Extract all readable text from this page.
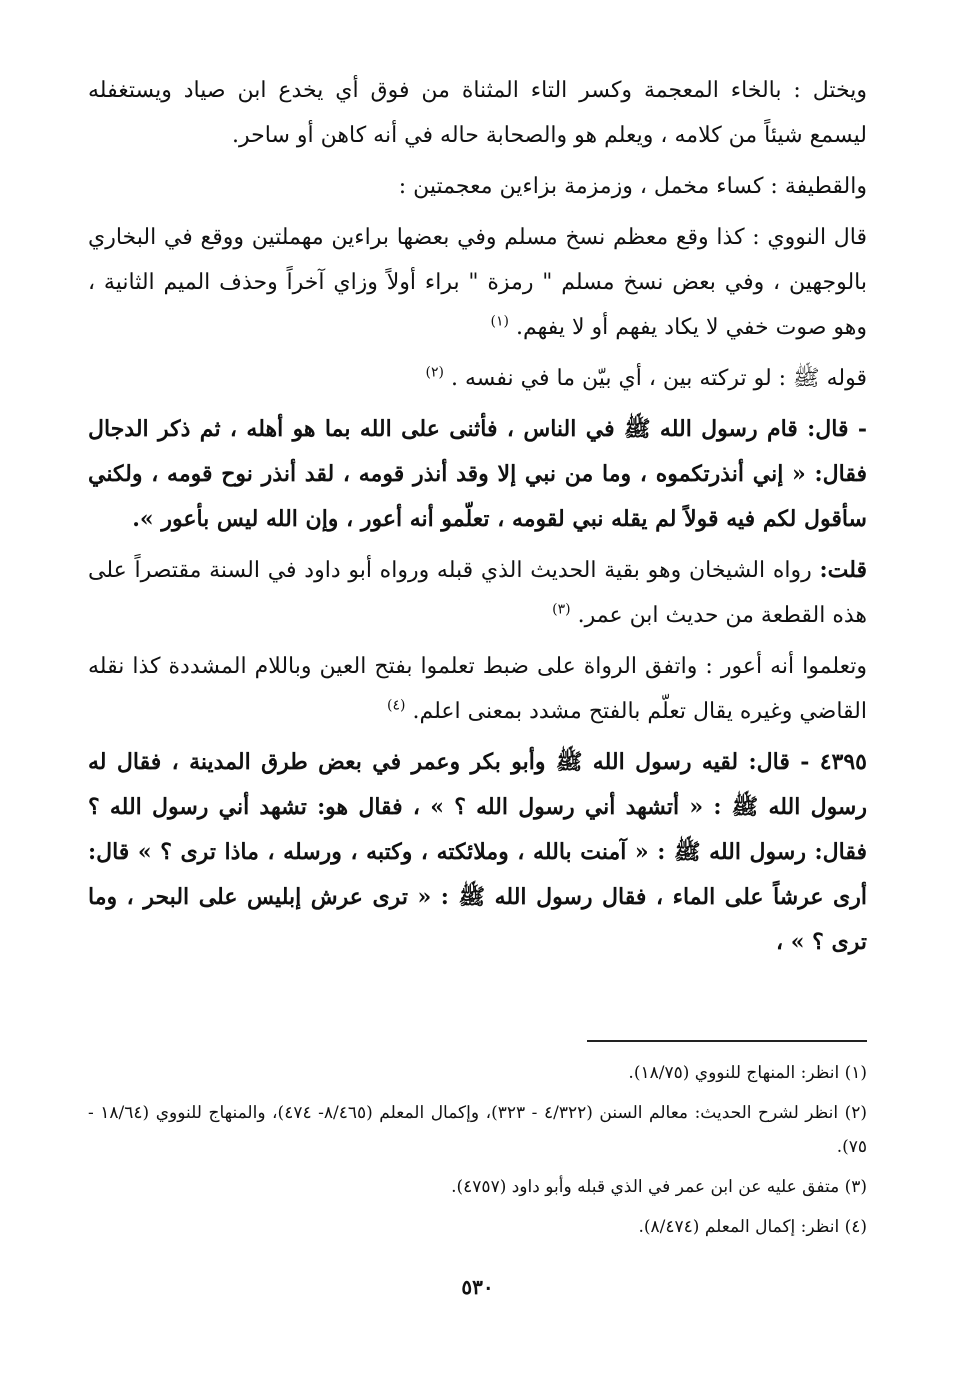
ويختل : بالخاء المعجمة وكسر التاء المثناة من فوق أي يخدع ابن صياد ويستغفله ليسمع شيئاً من كلامه ، ويعلم هو والصحابة حاله في أنه كاهن أو ساحر.

والقطيفة : كساء مخمل ، وزمزمة بزاءين معجمتين :

قال النووي : كذا وقع معظم نسخ مسلم وفي بعضها براءين مهملتين ووقع في البخاري بالوجهين ، وفي بعض نسخ مسلم " رمزة " براء أولاً وزاي آخراً وحذف الميم الثانية ، وهو صوت خفي لا يكاد يفهم أو لا يفهم. $^{(١)}$

قوله ﷺ : لو تركته بين ، أي بيّن ما في نفسه . $^{(٢)}$

- قال: قام رسول الله ﷺ في الناس ، فأثنى على الله بما هو أهله ، ثم ذكر الدجال فقال: « إني أنذرتكموه ، وما من نبي إلا وقد أنذر قومه ، لقد أنذر نوح قومه ، ولكني سأقول لكم فيه قولاً لم يقله نبي لقومه ، تعلّمو أنه أعور ، وإن الله ليس بأعور ».

قلت: رواه الشيخان وهو بقية الحديث الذي قبله ورواه أبو داود في السنة مقتصراً على هذه القطعة من حديث ابن عمر. $^{(٣)}$

وتعلموا أنه أعور : واتفق الرواة على ضبط تعلموا بفتح العين وباللام المشددة كذا نقله القاضي وغيره يقال تعلّم بالفتح مشدد بمعنى اعلم. $^{(٤)}$

٤٣٩٥ - قال: لقيه رسول الله ﷺ وأبو بكر وعمر في بعض طرق المدينة ، فقال له رسول الله ﷺ : « أتشهد أني رسول الله ؟ » ، فقال هو: تشهد أني رسول الله ؟ فقال: رسول الله ﷺ : « آمنت بالله ، وملائكته ، وكتبه ، ورسله ، ماذا ترى ؟ » قال: أرى عرشاً على الماء ، فقال رسول الله ﷺ : « ترى عرش إبليس على البحر ، وما ترى ؟ » ،

(١) انظر: المنهاج للنووي (١٨/٧٥).

(٢) انظر لشرح الحديث: معالم السنن (٤/٣٢٢ - ٣٢٣)، وإكمال المعلم (٨/٤٦٥- ٤٧٤)، والمنهاج للنووي (١٨/٦٤ - ٧٥).

(٣) متفق عليه عن ابن عمر في الذي قبله وأبو داود (٤٧٥٧).

(٤) انظر: إكمال المعلم (٨/٤٧٤).

٥٣٠
